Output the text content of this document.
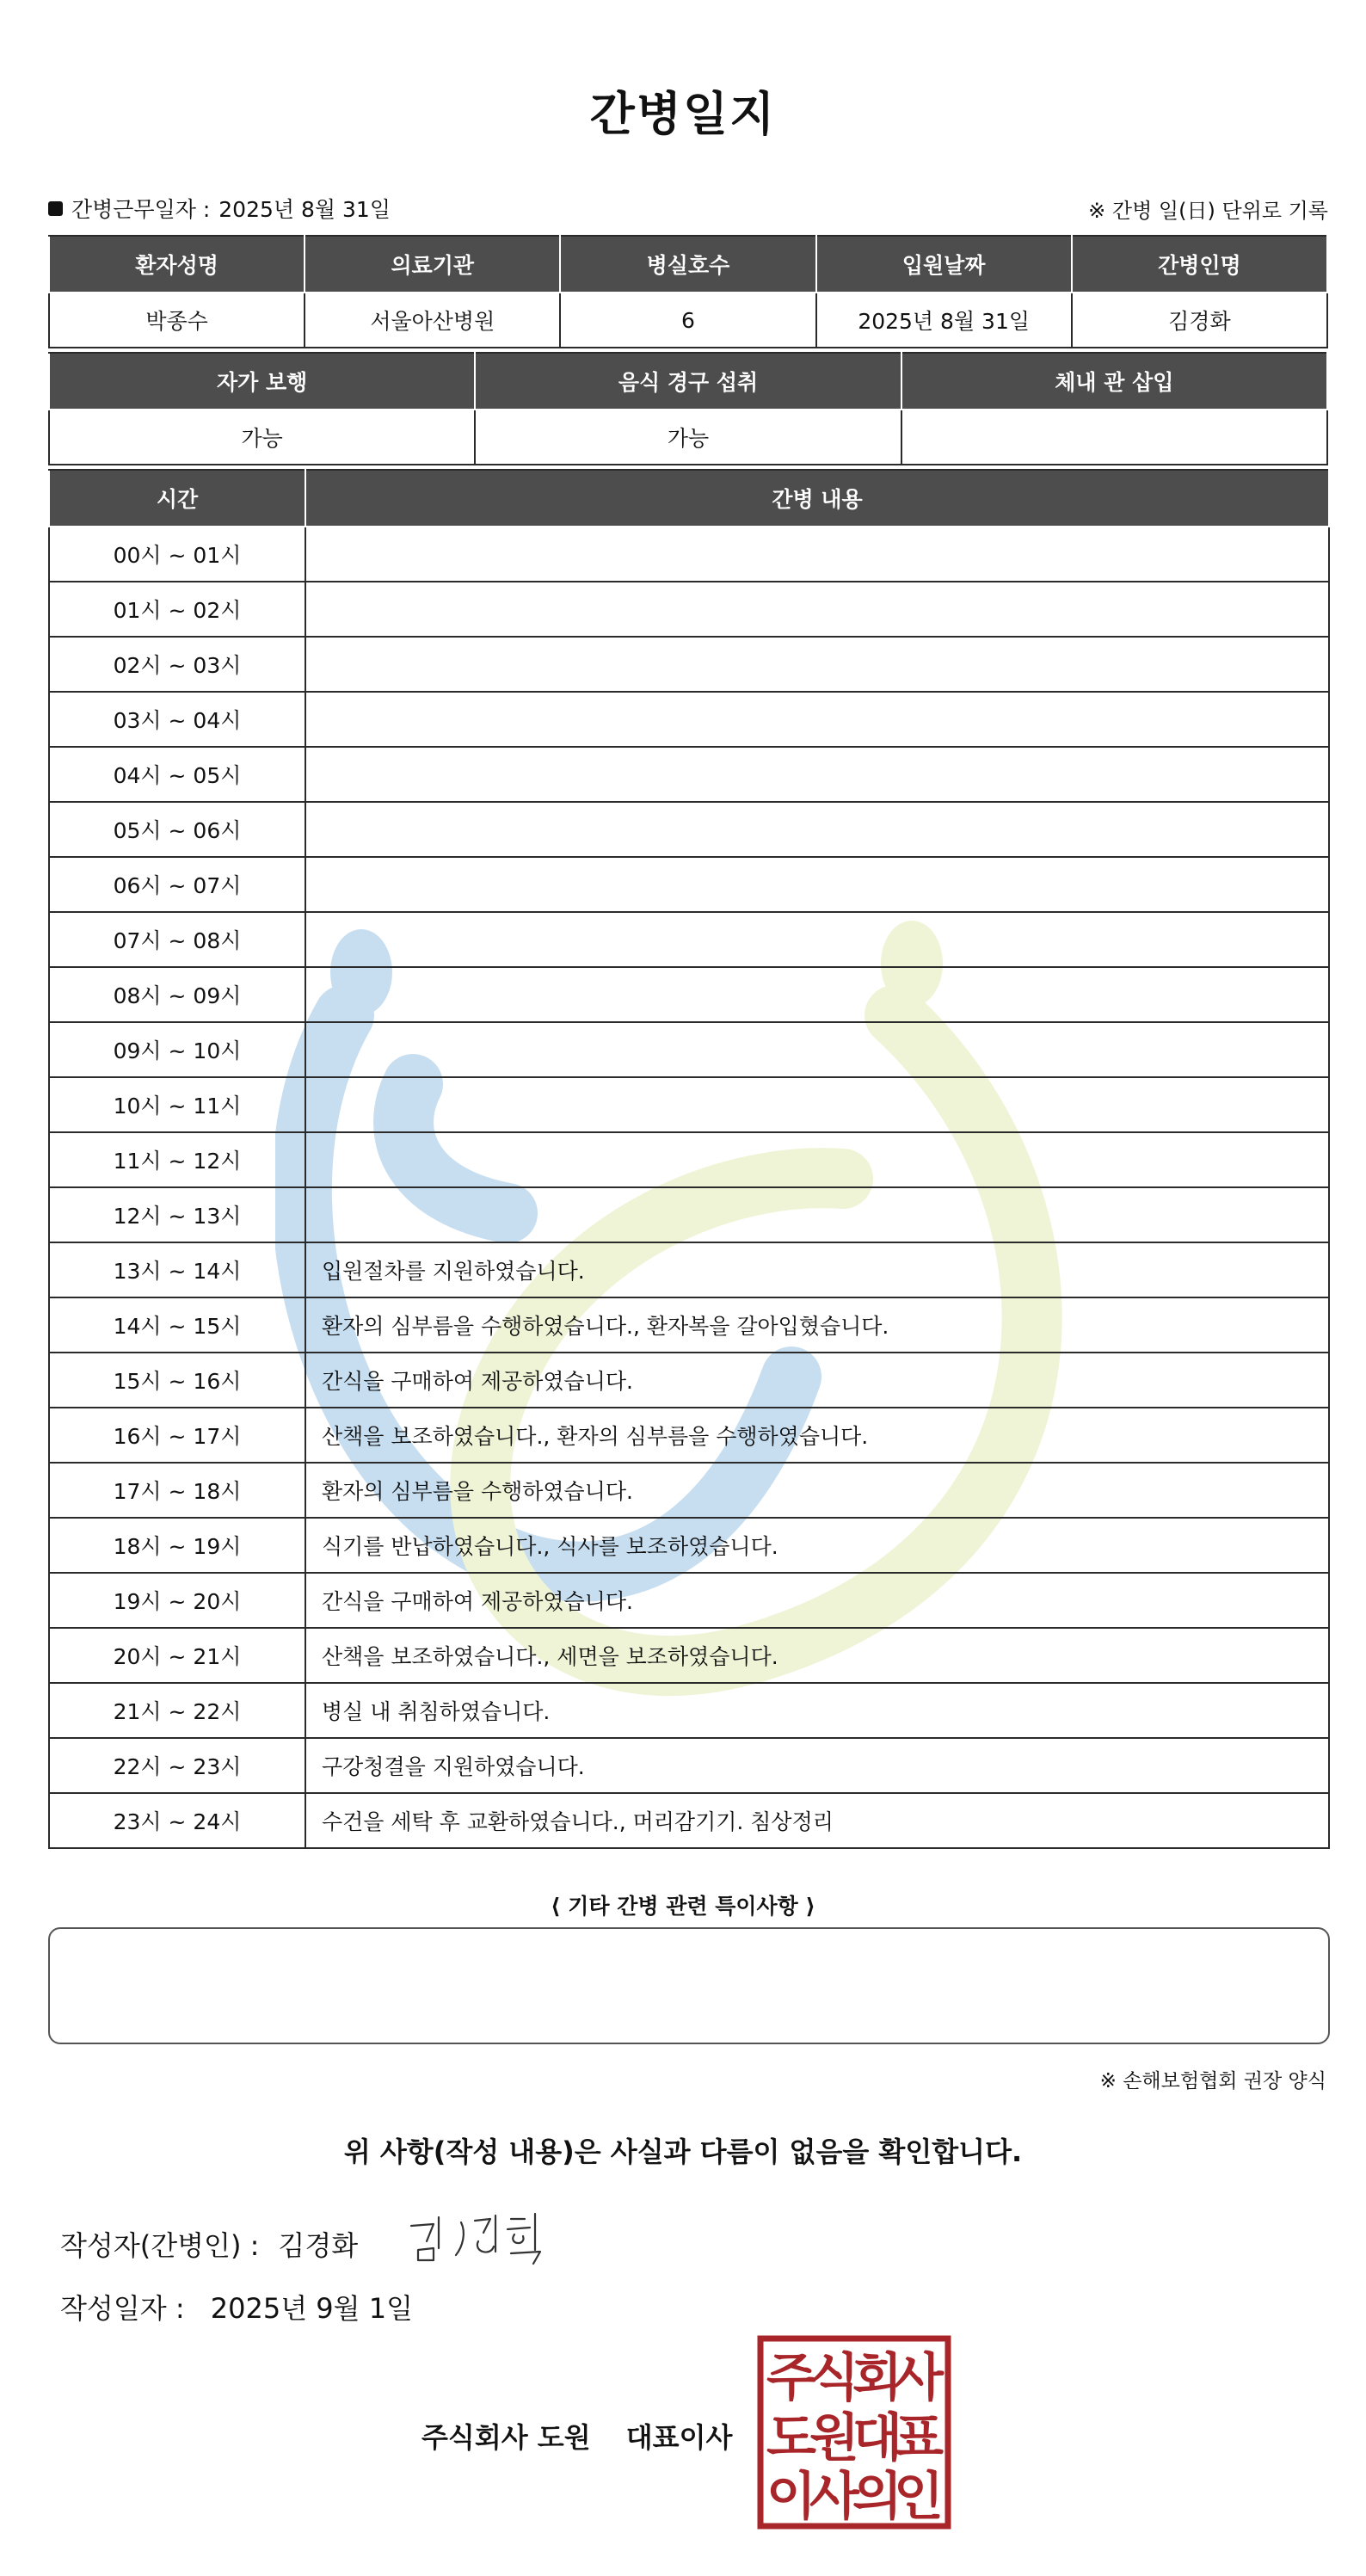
간병일지
간병근무일자 : 2025년 8월 31일	※ 간병 일(日) 단위로 기록
환자성명	의료기관	병실호수	입원날짜	간병인명
박종수	서울아산병원	6	2025년 8월 31일	김경화
자가 보행	음식 경구 섭취	체내 관 삽입
가능	가능	
시간	간병 내용
00시 ~ 01시	
01시 ~ 02시	
02시 ~ 03시	
03시 ~ 04시	
04시 ~ 05시	
05시 ~ 06시	
06시 ~ 07시	
07시 ~ 08시	
08시 ~ 09시	
09시 ~ 10시	
10시 ~ 11시	
11시 ~ 12시	
12시 ~ 13시	
13시 ~ 14시	입원절차를 지원하였습니다.
14시 ~ 15시	환자의 심부름을 수행하였습니다., 환자복을 갈아입혔습니다.
15시 ~ 16시	간식을 구매하여 제공하였습니다.
16시 ~ 17시	산책을 보조하였습니다., 환자의 심부름을 수행하였습니다.
17시 ~ 18시	환자의 심부름을 수행하였습니다.
18시 ~ 19시	식기를 반납하였습니다., 식사를 보조하였습니다.
19시 ~ 20시	간식을 구매하여 제공하였습니다.
20시 ~ 21시	산책을 보조하였습니다., 세면을 보조하였습니다.
21시 ~ 22시	병실 내 취침하였습니다.
22시 ~ 23시	구강청결을 지원하였습니다.
23시 ~ 24시	수건을 세탁 후 교환하였습니다., 머리감기기. 침상정리
⟨ 기타 간병 관련 특이사항 ⟩
※ 손해보험협회 권장 양식
위 사항(작성 내용)은 사실과 다름이 없음을 확인합니다.
작성자(간병인) : 김경화
작성일자 : 2025년 9월 1일
주식회사 도원 대표이사
주
식
회
사
도
원
대
표
이
사
의
인
